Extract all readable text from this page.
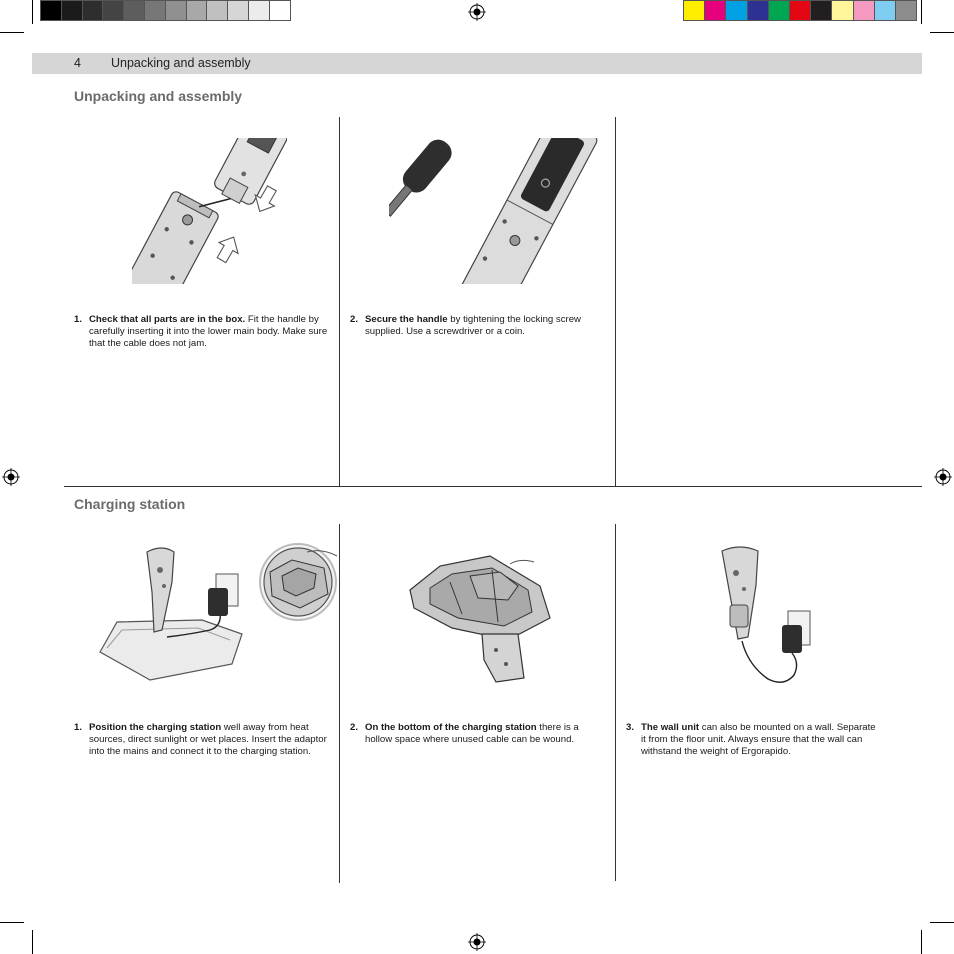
4 Unpacking and assembly
Unpacking and assembly
1. Check that all parts are in the box. Fit the handle by carefully inserting it into the lower main body. Make sure that the cable does not jam.
2. Secure the handle by tightening the locking screw supplied. Use a screwdriver or a coin.
Charging station
1. Position the charging station well away from heat sources, direct sunlight or wet places. Insert the adaptor into the mains and connect it to the charging station.
2. On the bottom of the charging station there is a hollow space where unused cable can be wound.
3. The wall unit can also be mounted on a wall. Separate it from the floor unit. Always ensure that the wall can withstand the weight of Ergorapido.
